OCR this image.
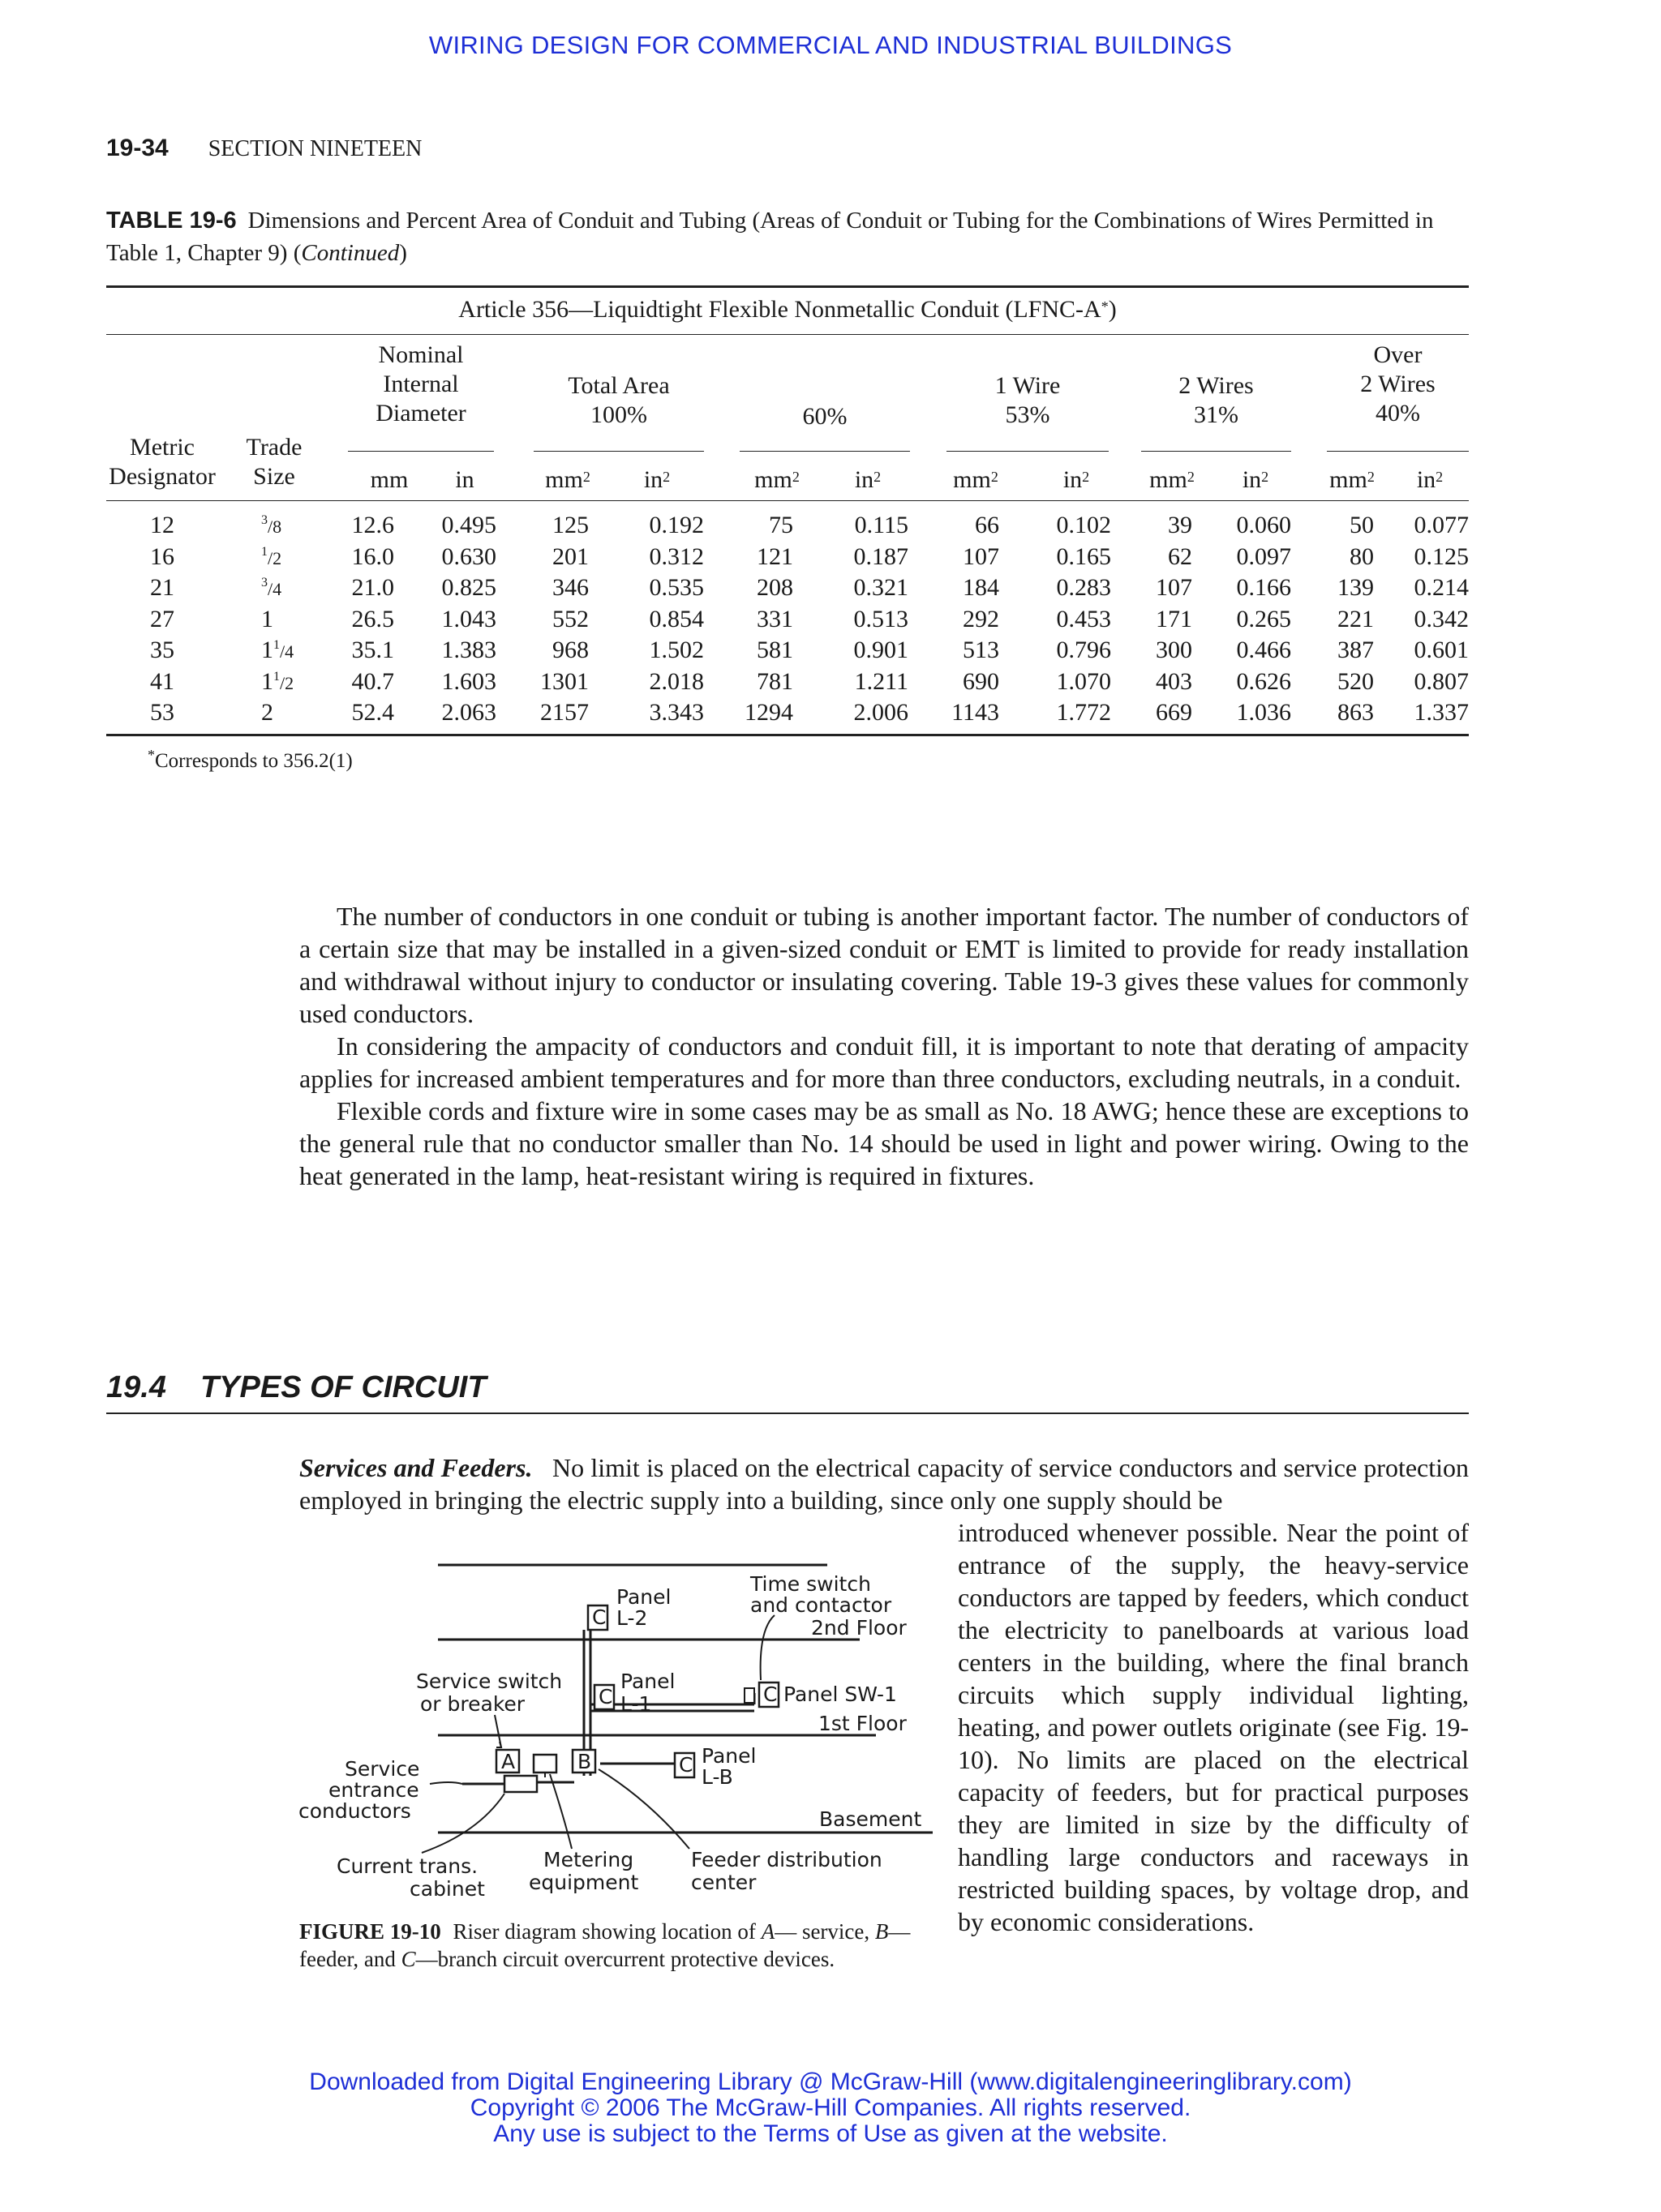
WIRING DESIGN FOR COMMERCIAL AND INDUSTRIAL BUILDINGS
19-34 SECTION NINETEEN
TABLE 19-6 Dimensions and Percent Area of Conduit and Tubing (Areas of Conduit or Tubing for the Combinations of Wires Permitted in Table 1, Chapter 9) (Continued)
Article 356—Liquidtight Flexible Nonmetallic Conduit (LFNC-A*)
Metric
Designator
Trade
Size
Nominal
Internal
Diameter
Total Area
100%	60%
1 Wire
53%
2 Wires
31%
Over
2 Wires
40%
mm	in	$mm^2$	$in^2$	$mm^2$	$in^2$	$mm^2$	$in^2$	$mm^2$	$in^2$	$mm^2$	$in^2$
12	$^3$/8	12.6	0.495	125	0.192	75	0.115	66	0.102	39	0.060	50	0.077
16	$^1$/2	16.0	0.630	201	0.312	121	0.187	107	0.165	62	0.097	80	0.125
21	$^3$/4	21.0	0.825	346	0.535	208	0.321	184	0.283	107	0.166	139	0.214
27	1	26.5	1.043	552	0.854	331	0.513	292	0.453	171	0.265	221	0.342
35	$1^1/4$	35.1	1.383	968	1.502	581	0.901	513	0.796	300	0.466	387	0.601
41	$1^1/2$	40.7	1.603	1301	2.018	781	1.211	690	1.070	403	0.626	520	0.807
53	2	52.4	2.063	2157	3.343	1294	2.006	1143	1.772	669	1.036	863	1.337
*Corresponds to 356.2(1)

The number of conductors in one conduit or tubing is another important factor. The number of conductors of a certain size that may be installed in a given-sized conduit or EMT is limited to provide for ready installation and withdrawal without injury to conductor or insulating covering. Table 19-3 gives these values for commonly used conductors.

In considering the ampacity of conductors and conduit fill, it is important to note that derating of ampacity applies for increased ambient temperatures and for more than three conductors, excluding neutrals, in a conduit.

Flexible cords and fixture wire in some cases may be as small as No. 18 AWG; hence these are exceptions to the general rule that no conductor smaller than No. 14 should be used in light and power wiring. Owing to the heat generated in the lamp, heat-resistant wiring is required in fixtures.

19.4 TYPES OF CIRCUIT
Services and Feeders. No limit is placed on the electrical capacity of service conductors and service protection employed in bringing the electric supply into a building, since only one supply should be
introduced whenever possible. Near the point of entrance of the supply, the heavy-service conductors are tapped by feeders, which conduct the electricity to panelboards at various load centers in the building, where the final branch circuits which supply individual lighting, heating, and power outlets originate (see Fig. 19-10). No limits are placed on the electrical capacity of feeders, but for practical purposes they are limited in size by the difficulty of handling large conductors and raceways in restricted building spaces, by voltage drop, and by economic considerations.
C
C	C
C
A	B
Panel
L-2
Time switch
and contactor
2nd Floor
Service switch
or breaker
Panel
L-1	Panel SW-1
1st Floor
Service
entrance
conductors
Panel
L-B
Basement
Current trans.
cabinet
Metering
equipment
Feeder distribution
center
FIGURE 19-10 Riser diagram showing location of A— service, B—feeder, and C—branch circuit overcurrent protective devices.
Downloaded from Digital Engineering Library @ McGraw-Hill (www.digitalengineeringlibrary.com)
Copyright © 2006 The McGraw-Hill Companies. All rights reserved.
Any use is subject to the Terms of Use as given at the website.
